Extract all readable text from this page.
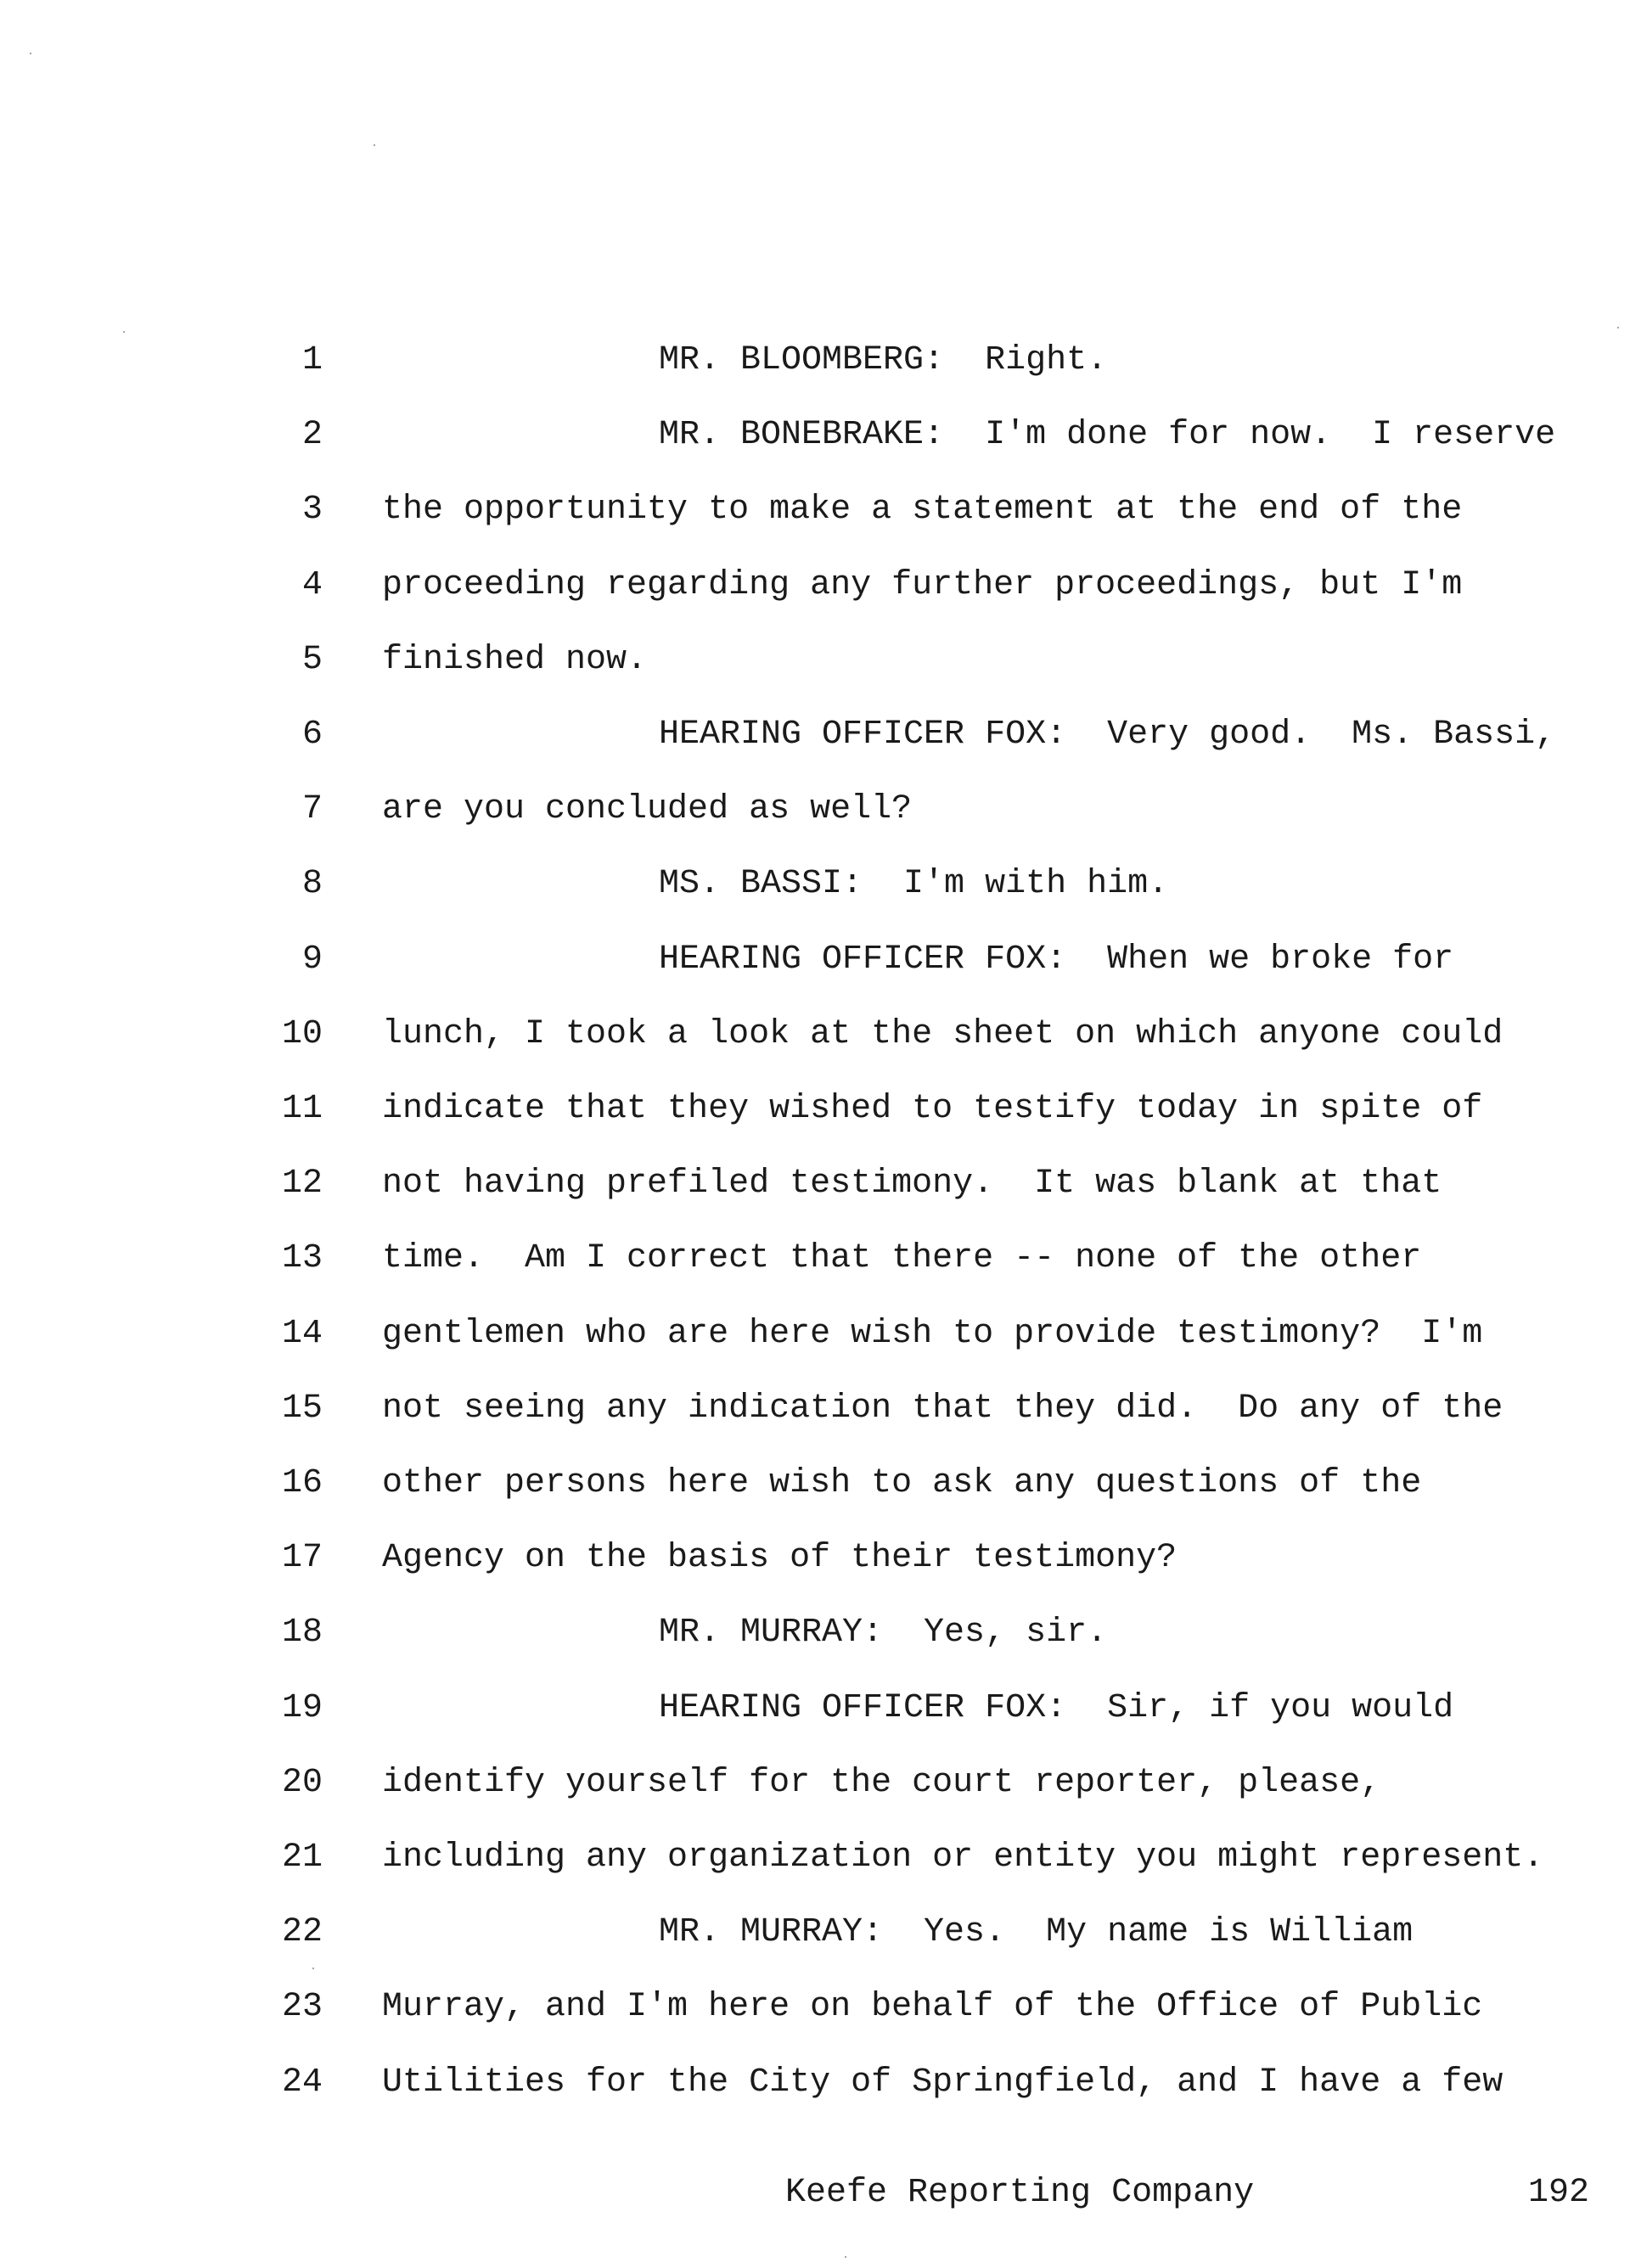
1	MR. BLOOMBERG:  Right.
2	MR. BONEBRAKE:  I'm done for now.  I reserve
3 the opportunity to make a statement at the end of the
4 proceeding regarding any further proceedings, but I'm
5 finished now.
6	HEARING OFFICER FOX:  Very good.  Ms. Bassi,
7 are you concluded as well?
8	MS. BASSI:  I'm with him.
9	HEARING OFFICER FOX:  When we broke for
10 lunch, I took a look at the sheet on which anyone could
11 indicate that they wished to testify today in spite of
12 not having prefiled testimony.  It was blank at that
13 time.  Am I correct that there -- none of the other
14 gentlemen who are here wish to provide testimony?  I'm
15 not seeing any indication that they did.  Do any of the
16 other persons here wish to ask any questions of the
17 Agency on the basis of their testimony?
18	MR. MURRAY:  Yes, sir.
19	HEARING OFFICER FOX:  Sir, if you would
20 identify yourself for the court reporter, please,
21 including any organization or entity you might represent.
22	MR. MURRAY:  Yes.  My name is William
23 Murray, and I'm here on behalf of the Office of Public
24 Utilities for the City of Springfield, and I have a few
Keefe Reporting Company	192
